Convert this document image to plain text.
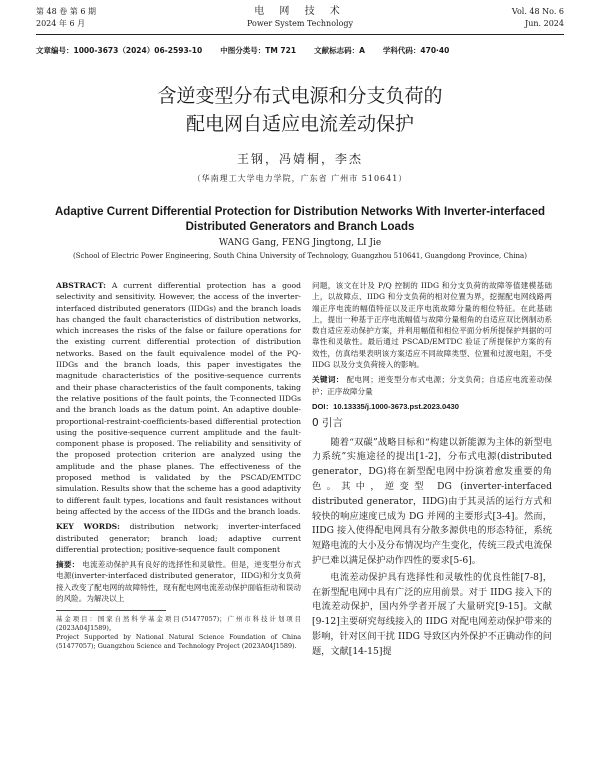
第 48 卷 第 6 期
2024 年 6 月
电 网 技 术
Power System Technology
Vol. 48 No. 6
Jun. 2024
文章编号：1000-3673（2024）06-2593-10 中图分类号：TM 721 文献标志码：A 学科代码：470·40
含逆变型分布式电源和分支负荷的
配电网自适应电流差动保护
王钢，冯婧桐，李杰
（华南理工大学电力学院，广东省 广州市 510641）
Adaptive Current Differential Protection for Distribution Networks With Inverter-interfaced
Distributed Generators and Branch Loads
WANG Gang, FENG Jingtong, LI Jie
(School of Electric Power Engineering, South China University of Technology, Guangzhou 510641, Guangdong Province, China)

ABSTRACT: A current differential protection has a good selectivity and sensitivity. However, the access of the inverter-interfaced distributed generators (IIDGs) and the branch loads has changed the fault characteristics of distribution networks, which increases the risks of the false or failure operations for the existing current differential protection of distribution networks. Based on the fault equivalence model of the PQ-IIDGs and the branch loads, this paper investigates the magnitude characteristics of the positive-sequence currents and their phase characteristics of the fault components, taking the relative positions of the fault points, the T-connected IIDGs and the branch loads as the datum point. An adaptive double-proportional-restraint-coefficients-based differential protection using the positive-sequence current amplitude and the fault-component phase is proposed. The reliability and sensitivity of the proposed protection criterion are analyzed using the amplitude and the phase planes. The effectiveness of the proposed method is validated by the PSCAD/EMTDC simulation. Results show that the scheme has a good adaptivity to different fault types, locations and fault resistances without being affected by the access of the IIDGs and the branch loads.

KEY WORDS: distribution network; inverter-interfaced distributed generator; branch load; adaptive current differential protection; positive-sequence fault component

摘要： 电流差动保护具有良好的选择性和灵敏性。但是，逆变型分布式电源(inverter-interfaced distributed generator，IIDG)和分支负荷接入改变了配电网的故障特性，现有配电网电流差动保护面临拒动和误动的风险。为解决以上

基金项目：国家自然科学基金项目(51477057)；广州市科技计划项目(2023A04J1589)。
Project Supported by National Natural Science Foundation of China (51477057); Guangzhou Science and Technology Project (2023A04J1589).

问题，该文在计及 P/Q 控制的 IIDG 和分支负荷的故障等值建模基础上，以故障点、IIDG 和分支负荷的相对位置为界，挖掘配电网线路两端正序电流的幅值特征以及正序电流故障分量的相位特征。在此基础上，提出一种基于正序电流幅值与故障分量相角的自适应双比例制动系数自适应差动保护方案，并利用幅值和相位平面分析所提保护判据的可靠性和灵敏性。最后通过 PSCAD/EMTDC 验证了所提保护方案的有效性，仿真结果表明该方案适应不同故障类型、位置和过渡电阻，不受 IIDG 以及分支负荷接入的影响。

关键词： 配电网；逆变型分布式电源；分支负荷；自适应电流差动保护；正序故障分量

DOI：10.13335/j.1000-3673.pst.2023.0430

0 引言

随着“双碳”战略目标和“构建以新能源为主体的新型电力系统”实施途径的提出[1-2]，分布式电源(distributed generator，DG)将在新型配电网中扮演着愈发重要的角色。其中，逆变型 DG (inverter-interfaced distributed generator，IIDG)由于其灵活的运行方式和较快的响应速度已成为 DG 并网的主要形式[3-4]。然而，IIDG 接入使得配电网具有分散多源供电的形态特征，系统短路电流的大小及分布情况均产生变化，传统三段式电流保护已难以满足保护动作四性的要求[5-6]。

电流差动保护具有选择性和灵敏性的优良性能[7-8]，在新型配电网中具有广泛的应用前景。对于 IIDG 接入下的电流差动保护，国内外学者开展了大量研究[9-15]。文献[9-12]主要研究每线接入的 IIDG 对配电网差动保护带来的影响，针对区间干扰 IIDG 导致区内外保护不正确动作的问题，文献[14-15]提
